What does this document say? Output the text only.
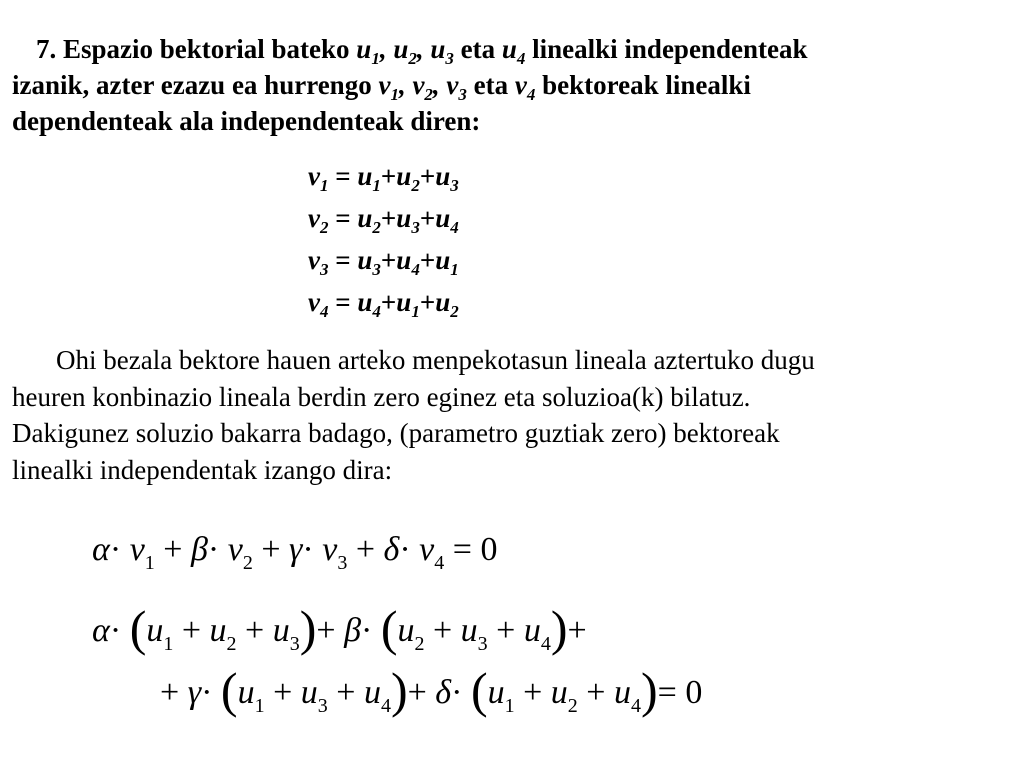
7. Espazio bektorial bateko $u_1$, $u_2$, $u_3$ eta $u_4$ linealki independenteak
izanik, azter ezazu ea hurrengo $v_1$, $v_2$, $v_3$ eta $v_4$ bektoreak linealki
dependenteak ala independenteak diren:
$v_1 = u_1+u_2+u_3$
$v_2 = u_2+u_3+u_4$
$v_3 = u_3+u_4+u_1$
$v_4 = u_4+u_1+u_2$
Ohi bezala bektore hauen arteko menpekotasun lineala aztertuko dugu
heuren konbinazio lineala berdin zero eginez eta soluzioa(k) bilatuz.
Dakigunez soluzio bakarra badago, (parametro guztiak zero) bektoreak
linealki independentak izango dira:
$\alpha\cdot v_1 + \beta\cdot v_2 + \gamma\cdot v_3 + \delta\cdot v_4 = 0$
$\alpha\cdot (u_1 + u_2 + u_3)+ \beta\cdot (u_2 + u_3 + u_4)+$
+ $\gamma\cdot (u_1 + u_3 + u_4)+ \delta\cdot (u_1 + u_2 + u_4)= 0$
